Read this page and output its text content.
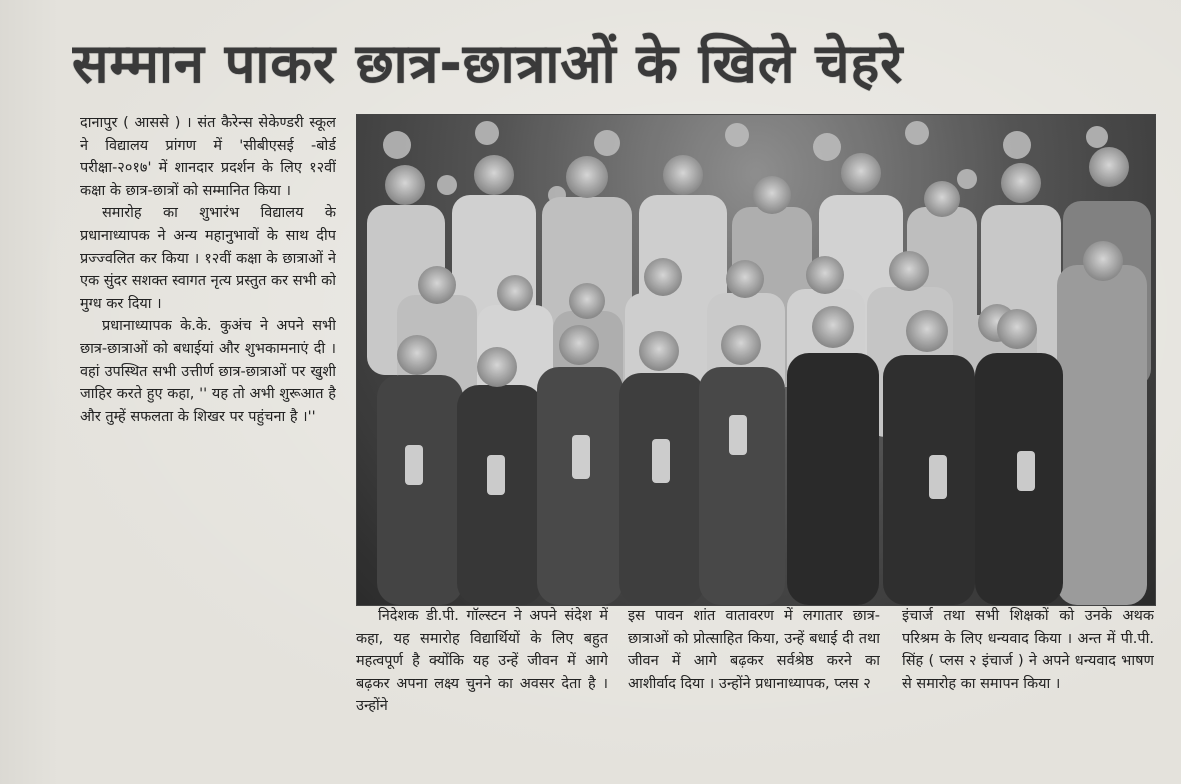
सम्मान पाकर छात्र-छात्राओं के खिले चेहरे

दानापुर ( आससे ) । संत कैरेन्स सेकेण्डरी स्कूल ने विद्यालय प्रांगण में 'सीबीएसई -बोर्ड परीक्षा-२०१७' में शानदार प्रदर्शन के लिए १२वीं कक्षा के छात्र-छात्रों को सम्मानित किया ।

समारोह का शुभारंभ विद्यालय के प्रधानाध्यापक ने अन्य महानुभावों के साथ दीप प्रज्ज्वलित कर किया । १२वीं कक्षा के छात्राओं ने एक सुंदर सशक्त स्वागत नृत्य प्रस्तुत कर सभी को मुग्ध कर दिया ।

प्रधानाध्यापक के.के. कुअंच ने अपने सभी छात्र-छात्राओं को बधाईयां और शुभकामनाएं दी । वहां उपस्थित सभी उत्तीर्ण छात्र-छात्राओं पर खुशी जाहिर करते हुए कहा, '' यह तो अभी शुरूआत है और तुम्हें सफलता के शिखर पर पहुंचना है ।''

निदेशक डी.पी. गॉल्स्टन ने अपने संदेश में कहा, यह समारोह विद्यार्थियों के लिए बहुत महत्वपूर्ण है क्योंकि यह उन्हें जीवन में आगे बढ़कर अपना लक्ष्य चुनने का अवसर देता है । उन्होंने

इस पावन शांत वातावरण में लगातार छात्र-छात्राओं को प्रोत्साहित किया, उन्हें बधाई दी तथा जीवन में आगे बढ़कर सर्वश्रेष्ठ करने का आशीर्वाद दिया । उन्होंने प्रधानाध्यापक, प्लस २

इंचार्ज तथा सभी शिक्षकों को उनके अथक परिश्रम के लिए धन्यवाद किया । अन्त में पी.पी. सिंह ( प्लस २ इंचार्ज ) ने अपने धन्यवाद भाषण से समारोह का समापन किया ।
